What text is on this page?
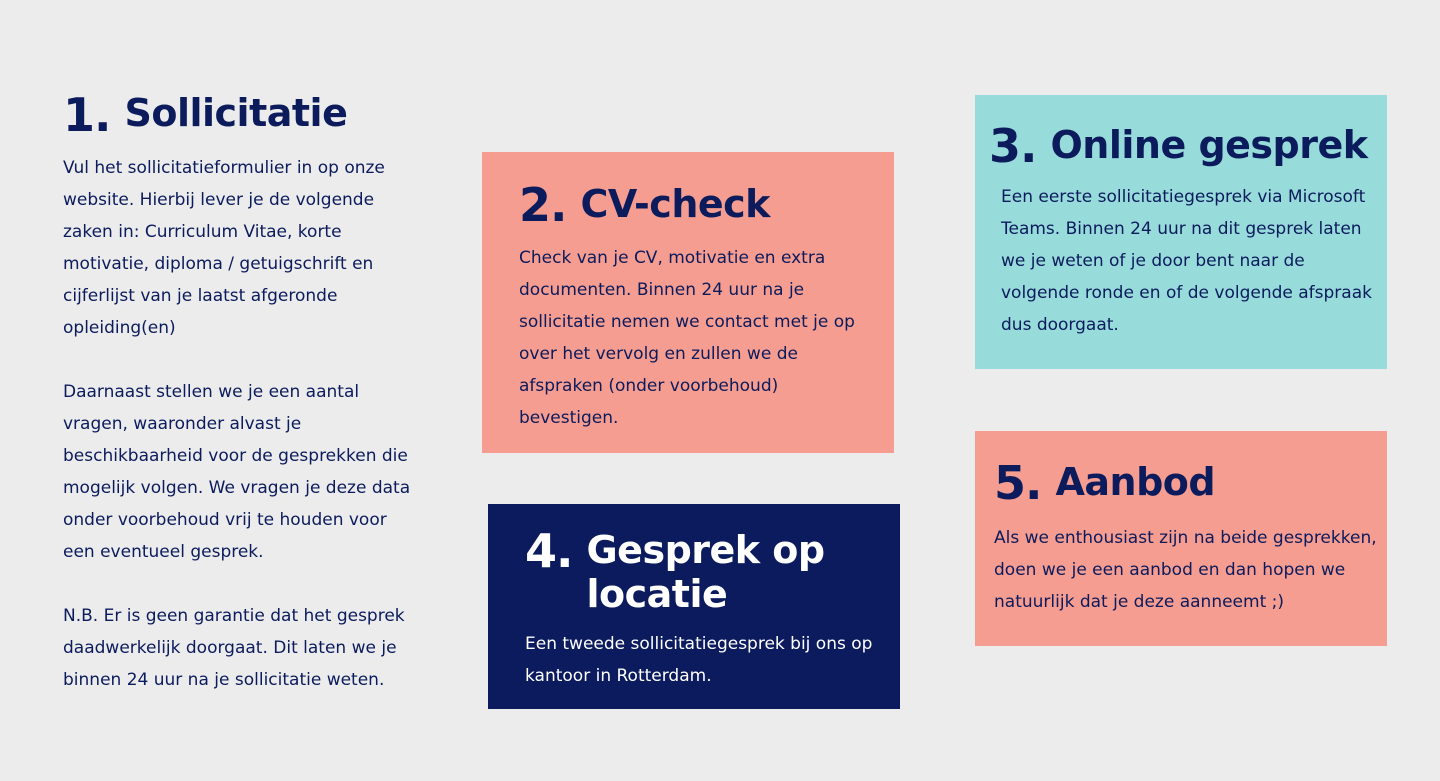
1. Sollicitatie

Vul het sollicitatieformulier in op onze website. Hierbij lever je de volgende zaken in: Curriculum Vitae, korte motivatie, diploma / getuigschrift en cijferlijst van je laatst afgeronde opleiding(en)

Daarnaast stellen we je een aantal vragen, waaronder alvast je beschikbaarheid voor de gesprekken die mogelijk volgen. We vragen je deze data onder voorbehoud vrij te houden voor een eventueel gesprek.

N.B. Er is geen garantie dat het gesprek daadwerkelijk doorgaat. Dit laten we je binnen 24 uur na je sollicitatie weten.

2. CV-check

Check van je CV, motivatie en extra documenten. Binnen 24 uur na je sollicitatie nemen we contact met je op over het vervolg en zullen we de afspraken (onder voorbehoud) bevestigen.

3. Online gesprek

Een eerste sollicitatiegesprek via Microsoft Teams. Binnen 24 uur na dit gesprek laten we je weten of je door bent naar de volgende ronde en of de volgende afspraak dus doorgaat.

4. Gesprek op locatie

Een tweede sollicitatiegesprek bij ons op kantoor in Rotterdam.

5. Aanbod

Als we enthousiast zijn na beide gesprekken, doen we je een aanbod en dan hopen we natuurlijk dat je deze aanneemt ;)
